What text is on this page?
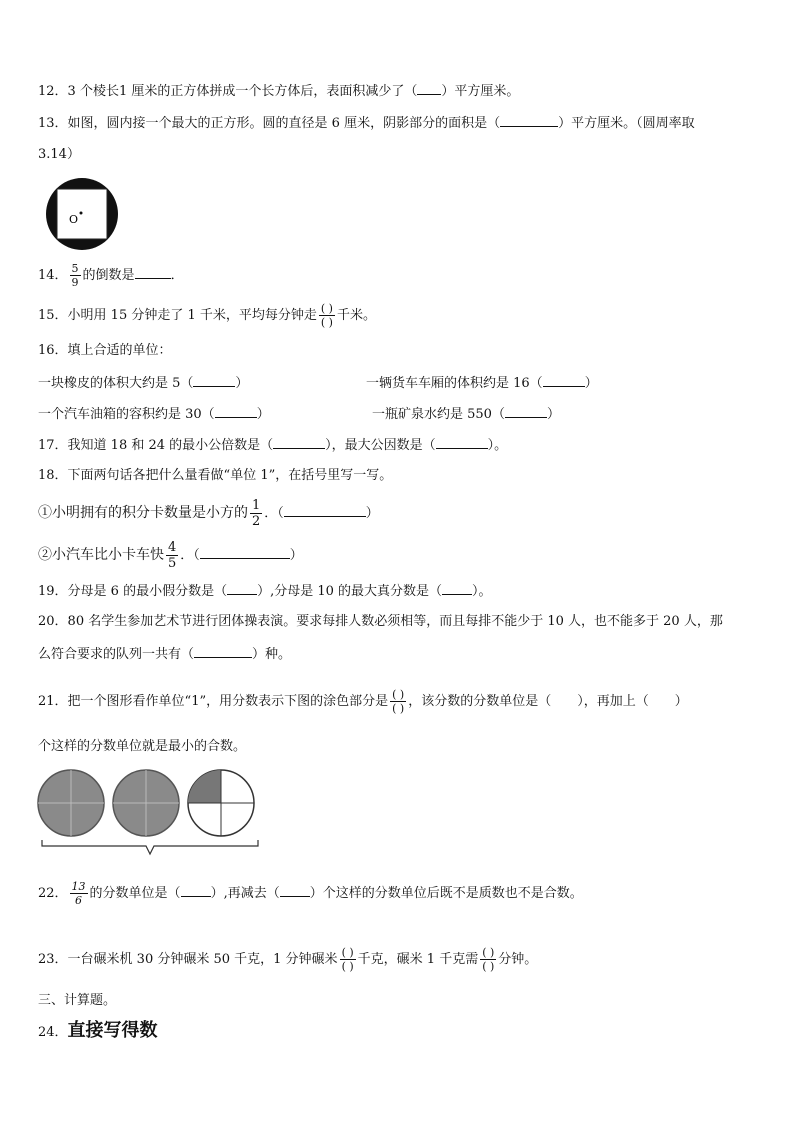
12．3 个棱长1 厘米的正方体拼成一个长方体后，表面积减少了（ ）平方厘米。
13．如图，圆内接一个最大的正方形。圆的直径是 6 厘米，阴影部分的面积是（	）平方厘米。（圆周率取
3.14）
O
14． $\frac{5}{9}$ 的倒数是	．
15．小明用 15 分钟走了 1 千米，平均每分钟走 $\frac{( )}{( )}$ 千米。
16．填上合适的单位：
一块橡皮的体积大约是 5（	）	一辆货车车厢的体积约是 16（	）
一个汽车油箱的容积约是 30（	）	一瓶矿泉水约是 550（	）
17．我知道 18 和 24 的最小公倍数是（	），最大公因数是（	）。
18．下面两句话各把什么量看做“单位 1”，在括号里写一写。
①小明拥有的积分卡数量是小方的 $\frac{1}{2}$ ．（	）
②小汽车比小卡车快 $\frac{4}{5}$ ．（	）
19．分母是 6 的最小假分数是（ ）,分母是 10 的最大真分数是（ ）。
20．80 名学生参加艺术节进行团体操表演。要求每排人数必须相等，而且每排不能少于 10 人，也不能多于 20 人，那
么符合要求的队列一共有（	）种。
21．把一个图形看作单位“1”，用分数表示下图的涂色部分是 $\frac{( )}{( )}$ ，该分数的分数单位是（　　），再加上（　　）
个这样的分数单位就是最小的合数。
22． $\frac{13}{6}$ 的分数单位是（ ）,再减去（ ）个这样的分数单位后既不是质数也不是合数。
23．一台碾米机 30 分钟碾米 50 千克，1 分钟碾米 $\frac{( )}{( )}$ 千克，碾米 1 千克需 $\frac{( )}{( )}$ 分钟。
三、计算题。
24．直接写得数
